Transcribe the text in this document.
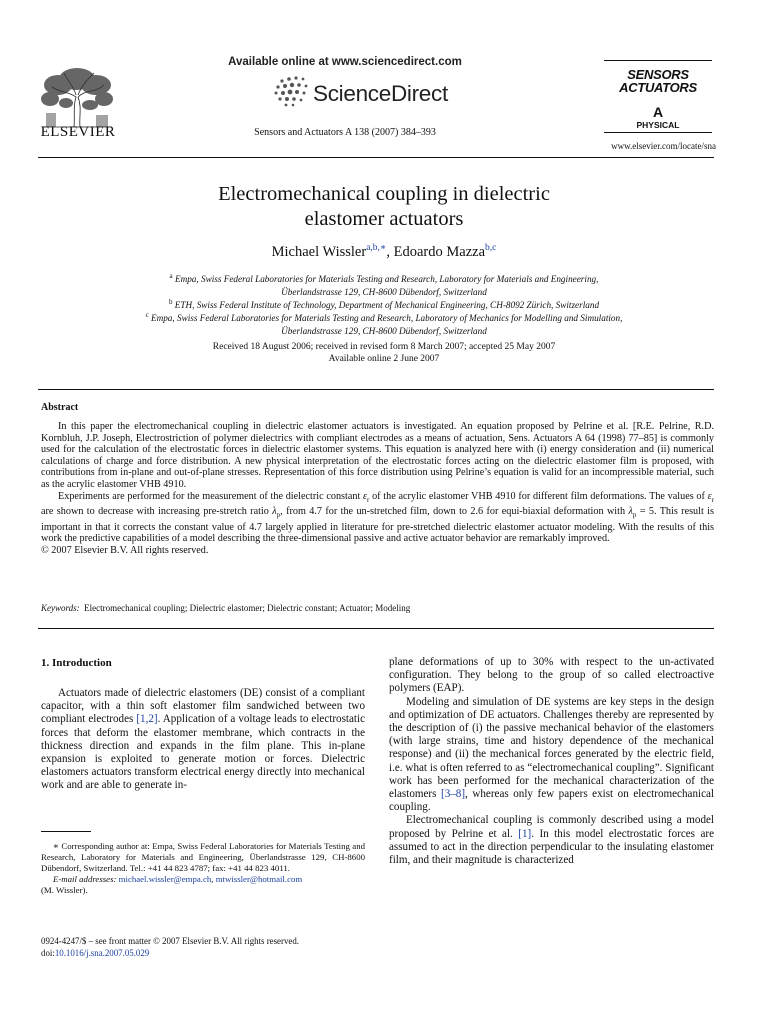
ELSEVIER
Available online at www.sciencedirect.com
ScienceDirect
Sensors and Actuators A 138 (2007) 384–393
SENSORS
ACTUATORS
A
PHYSICAL
www.elsevier.com/locate/sna
Electromechanical coupling in dielectric
elastomer actuators
Michael Wissler$^{a,b,∗}$, Edoardo Mazza$^{b,c}$
$^a$ Empa, Swiss Federal Laboratories for Materials Testing and Research, Laboratory for Materials and Engineering,
Überlandstrasse 129, CH-8600 Dübendorf, Switzerland
$^b$ ETH, Swiss Federal Institute of Technology, Department of Mechanical Engineering, CH-8092 Zürich, Switzerland
$^c$ Empa, Swiss Federal Laboratories for Materials Testing and Research, Laboratory of Mechanics for Modelling and Simulation,
Überlandstrasse 129, CH-8600 Dübendorf, Switzerland
Received 18 August 2006; received in revised form 8 March 2007; accepted 25 May 2007
Available online 2 June 2007
Abstract

In this paper the electromechanical coupling in dielectric elastomer actuators is investigated. An equation proposed by Pelrine et al. [R.E. Pelrine, R.D. Kornbluh, J.P. Joseph, Electrostriction of polymer dielectrics with compliant electrodes as a means of actuation, Sens. Actuators A 64 (1998) 77–85] is commonly used for the calculation of the electrostatic forces in dielectric elastomer systems. This equation is analyzed here with (i) energy consideration and (ii) numerical calculations of charge and force distribution. A new physical interpretation of the electrostatic forces acting on the dielectric elastomer film is proposed, with contributions from in-plane and out-of-plane stresses. Representation of this force distribution using Pelrine’s equation is valid for an incompressible material, such as the acrylic elastomer VHB 4910.

Experiments are performed for the measurement of the dielectric constant $\varepsilon_r$ of the acrylic elastomer VHB 4910 for different film deformations. The values of $\varepsilon_r$ are shown to decrease with increasing pre-stretch ratio $\lambda_p$, from 4.7 for the un-stretched film, down to 2.6 for equi-biaxial deformation with $\lambda_p = 5$. This result is important in that it corrects the constant value of 4.7 largely applied in literature for pre-stretched dielectric elastomer actuator modeling. With the results of this work the predictive capabilities of a model describing the three-dimensional passive and active actuator behavior are remarkably improved.

© 2007 Elsevier B.V. All rights reserved.

Keywords: Electromechanical coupling; Dielectric elastomer; Dielectric constant; Actuator; Modeling
1. Introduction

Actuators made of dielectric elastomers (DE) consist of a compliant capacitor, with a thin soft elastomer film sandwiched between two compliant electrodes [1,2]. Application of a voltage leads to electrostatic forces that deform the elastomer membrane, which contracts in the thickness direction and expands in the film plane. This in-plane expansion is exploited to generate motion or forces. Dielectric elastomers actuators transform electrical energy directly into mechanical work and are able to generate in-

plane deformations of up to 30% with respect to the un-activated configuration. They belong to the group of so called electroactive polymers (EAP).

Modeling and simulation of DE systems are key steps in the design and optimization of DE actuators. Challenges thereby are represented by the description of (i) the passive mechanical behavior of the elastomers (with large strains, time and history dependence of the mechanical response) and (ii) the mechanical forces generated by the electric field, i.e. what is often referred to as “electromechanical coupling”. Significant work has been performed for the mechanical characterization of the elastomers [3–8], whereas only few papers exist on electromechanical coupling.

Electromechanical coupling is commonly described using a model proposed by Pelrine et al. [1]. In this model electrostatic forces are assumed to act in the direction perpendicular to the insulating elastomer film, and their magnitude is characterized

∗ Corresponding author at: Empa, Swiss Federal Laboratories for Materials Testing and Research, Laboratory for Materials and Engineering, Überlandstrasse 129, CH-8600 Dübendorf, Switzerland. Tel.: +41 44 823 4787; fax: +41 44 823 4011.

E-mail addresses: michael.wissler@empa.ch, mtwissler@hotmail.com

(M. Wissler).

0924-4247/$ – see front matter © 2007 Elsevier B.V. All rights reserved.
doi:10.1016/j.sna.2007.05.029
